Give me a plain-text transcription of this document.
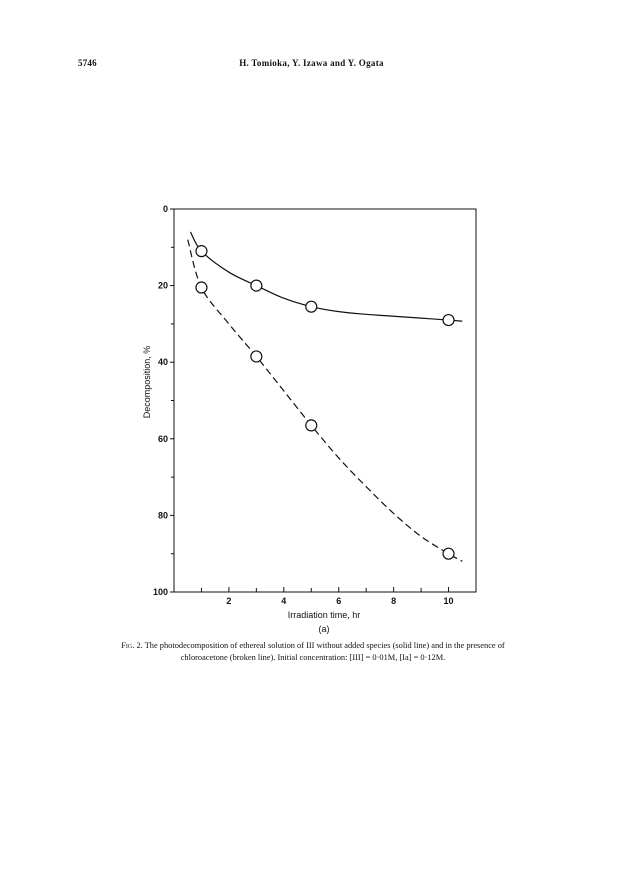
5746	H. Tomioka, Y. Izawa and Y. Ogata
0
20
40
60
80
100
2	4	6	8	10
Irradiation time, hr
Decomposition, %
(a)
Fig. 2. The photodecomposition of ethereal solution of III without added species (solid line) and in the presence of chloroacetone (broken line). Initial concentration: [III] = 0·01M, [Ia] = 0·12M.
